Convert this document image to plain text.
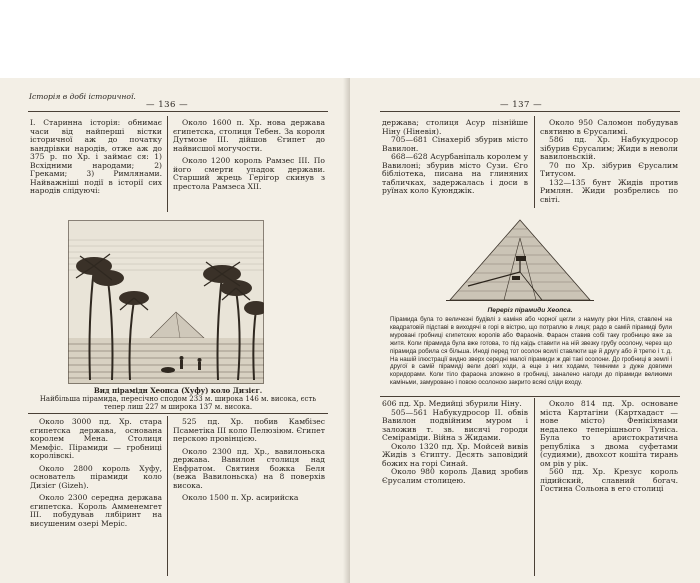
Історія в добі історичної.
— 136 —

І. Старинна історія: обнимає часи від найперші вістки історичної аж до початку вандрівки народів, отже аж до 375 р. по Хр. і займає ся: 1) Всхідними народами; 2) Греками; 3) Римлянами. Найважніші події в історії сих народів слідуючі:

Около 1600 п. Хр. нова держава єгипетска, столиця Тебен. За короля Дутмозе III. дійшов Єгипет до найвисшої могучости.

Около 1200 король Рамзес III. По його смерти упадок держави. Старший жрець Герігор скинув з престола Рамзеса XII.

Вид пірамідн Хеопса (Хуфу) коло Дизієг.
Найбільша пірамида, пересічно сподом 233 м. широка 146 м. висока, єсть тепер лиш 227 м широка 137 м. висока.

Около 3000 пд. Хр. стара єгипетска держава, основана королем Мена. Столиця Мемфіс. Пірамиди — гробниці королівскі.

Около 2800 король Хуфу, основатель пірамиди коло Дизієг (Gizeh).

Около 2300 середна держава єгипетска. Король Амменемгет III. побудував лябіринт на висушеним озері Меріс.

525 пд. Хр. побив Камбізес Псаметіка III коло Пелюзіюм. Єгипет перскою провінцією.

Около 2300 пд. Хр., вавилоньска держава. Вавилон столиця над Евфратом. Святиня божка Беля (вежа Вавилоньска) на 8 поверхів висока.

Около 1500 п. Хр. асирийска

— 137 —

держава; столиця Асур пізнійше Ніну (Ніневія).

705—681 Сінахеріб збурив місто Вавилон.

668—628 Асурбаніпаль королем у Вавилоні; збурив місто Сузи. Єго бібліотека, писана на глиняних табличках, задержалась і доси в руїнах коло Куюнджік.

Около 950 Саломон побудував святиню в Єрусалимі.

586 пд. Хр. Набукудросор зібурив Єрусалим; Жиди в неволи вавилоньскій.

70 по Хр. зібурив Єрусалим Титусом.

132—135 бунт Жидів против Римлян. Жиди розбрелись по світі.

Переріз пірамиди Хеопса.
Пірамида була то величезні будівлі з каміня або чорної цегли з намулу ріки Ніля, ставлені на квадратовій підставі в виходячі в горі в вістрю, що потраплю в лиця; радо в самій пірамиді були муровані гробниці єгипетских королів або Фараонів. Фараон ставив собі таку гробницю вже за житя. Коли пірамида була вже готова, то під каідь ставити на ній звезку грубу осолону, через що пірамида робила ся більша. Иноді перед тот осолон всилі ставлюти ще й другу або й третю і т. д. На нашій ілюстрації видно зверх середні малої пірамиди ж дві такі осолони. До гробниці в землі і другої в самій пірамиді вели довгі ходи, а еще з них ходами, темними з дуже довгими коридорами. Коли тіло фараона зложено в гробниці, заналено нагоди до пірамиди великими каміньми, замуровано і повою осолоною закрито всякі сліди входу.

606 пд. Хр. Медийці збурили Ніну.

505—561 Набукудросор II. обвів Вавилон подвійним муром і заложив т. зв. висячі городи Семіраміди. Війна з Жидами.

Около 1320 пд. Хр. Мойсей вивів Жидів з Єгипту. Десять заповідий божих на горі Синай.

Около 980 король Давид зробив Єрусалим столицею.

Около 814 пд. Хр. основане міста Картагіни (Картхадаст — нове місто) Фенікіянами недалеко теперішнього Туніса. Була то аристократична републіка з двома суфетами (судиями), двохсот кошіта тирань ом рів у рік.

560 пд. Хр. Крезус король лідийский, славний богач. Гостина Сольона в его столиці
